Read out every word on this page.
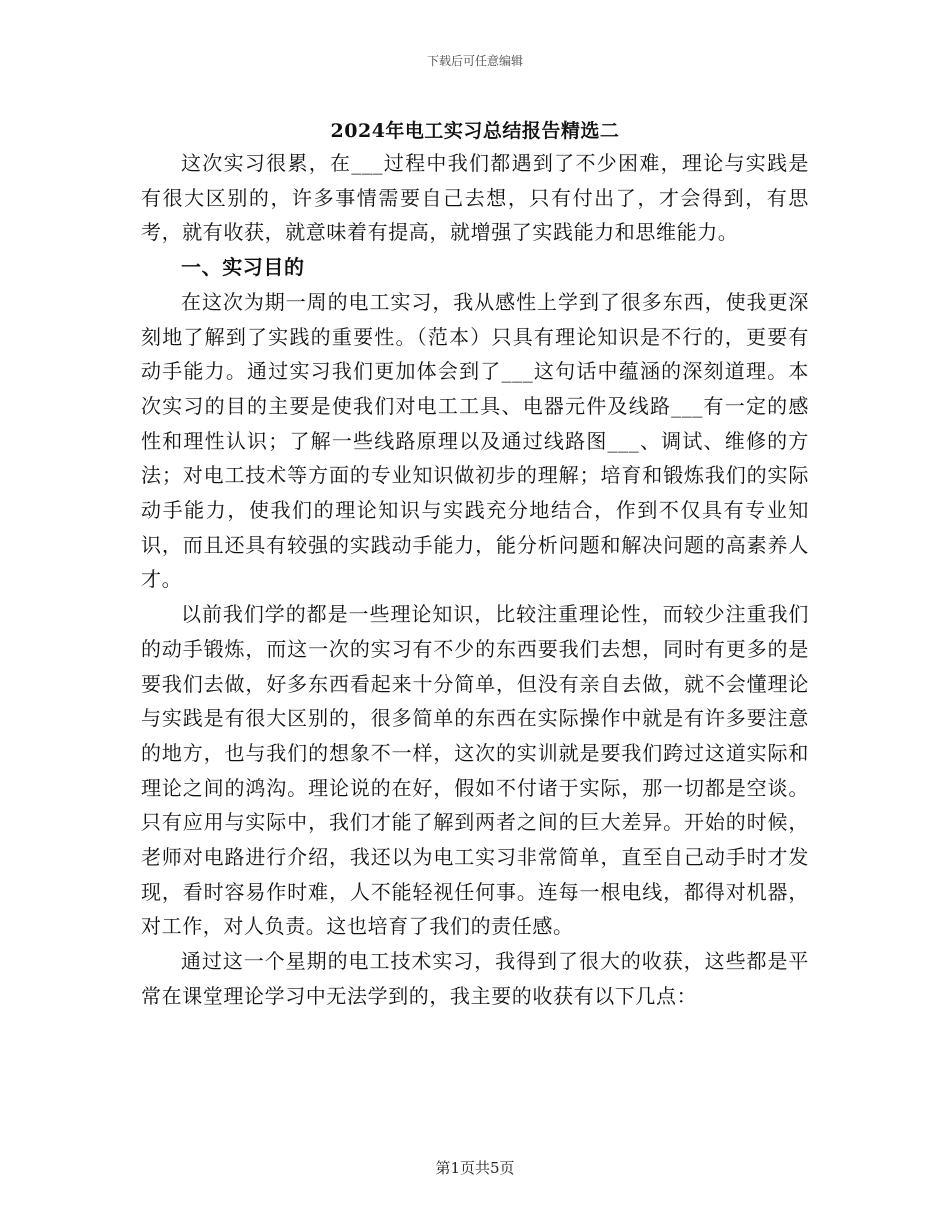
下载后可任意编辑
2024年电工实习总结报告精选二

这次实习很累，在___过程中我们都遇到了不少困难，理论与实践是有很大区别的，许多事情需要自己去想，只有付出了，才会得到，有思考，就有收获，就意味着有提高，就增强了实践能力和思维能力。

一、实习目的

在这次为期一周的电工实习，我从感性上学到了很多东西，使我更深刻地了解到了实践的重要性。（范本）只具有理论知识是不行的，更要有动手能力。通过实习我们更加体会到了___这句话中蕴涵的深刻道理。本次实习的目的主要是使我们对电工工具、电器元件及线路___有一定的感性和理性认识；了解一些线路原理以及通过线路图___、调试、维修的方法；对电工技术等方面的专业知识做初步的理解；培育和锻炼我们的实际动手能力，使我们的理论知识与实践充分地结合，作到不仅具有专业知识，而且还具有较强的实践动手能力，能分析问题和解决问题的高素养人才。

以前我们学的都是一些理论知识，比较注重理论性，而较少注重我们的动手锻炼，而这一次的实习有不少的东西要我们去想，同时有更多的是要我们去做，好多东西看起来十分简单，但没有亲自去做，就不会懂理论与实践是有很大区别的，很多简单的东西在实际操作中就是有许多要注意的地方，也与我们的想象不一样，这次的实训就是要我们跨过这道实际和理论之间的鸿沟。理论说的在好，假如不付诸于实际，那一切都是空谈。只有应用与实际中，我们才能了解到两者之间的巨大差异。开始的时候，老师对电路进行介绍，我还以为电工实习非常简单，直至自己动手时才发现，看时容易作时难，人不能轻视任何事。连每一根电线，都得对机器，对工作，对人负责。这也培育了我们的责任感。

通过这一个星期的电工技术实习，我得到了很大的收获，这些都是平常在课堂理论学习中无法学到的，我主要的收获有以下几点：

第1页共5页
